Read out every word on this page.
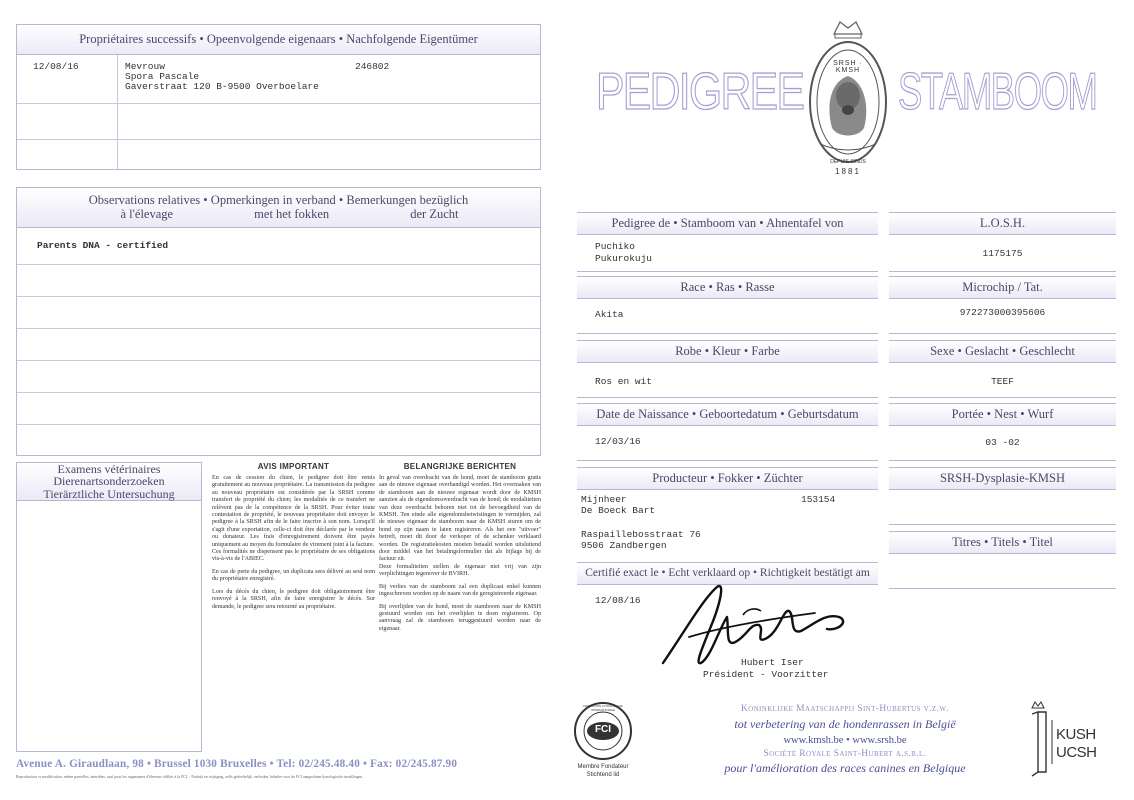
Propriétaires successifs • Opeenvolgende eigenaars • Nachfolgende Eigentümer
12/08/16	Mevrouw	246802
Spora Pascale
Gaverstraat 120 B-9500 Overboelare
Observations relatives • Opmerkingen in verband • Bemerkungen bezüglich
à l'élevage	met het fokken	der Zucht
Parents DNA - certified
Examens vétérinaires
Dierenartsonderzoeken
Tierärztliche Untersuchung
AVIS IMPORTANT
En cas de cession du chien, le pedigree doit être remis gratuitement au nouveau propriétaire. La transmission du pedigree au nouveau propriétaire est considérée par la SRSH comme transfert de propriété du chien; les modalités de ce transfert ne relèvent pas de la compétence de la SRSH. Pour éviter toute contestation de propriété, le nouveau propriétaire doit envoyer le pedigree à la SRSH afin de le faire inscrire à son nom. Lorsqu'il s'agit d'une exportation, celle-ci doit être déclarée par le vendeur ou donateur. Les frais d'enregistrement doivent être payés uniquement au moyen du formulaire de virement joint à la facture.
Ces formalités ne dispensent pas le propriétaire de ses obligations vis-à-vis de l'ABIEC.
En cas de perte du pedigree, un duplicata sera délivré au seul nom du propriétaire enregistré.
Lors du décès du chien, le pedigree doit obligatoirement être renvoyé à la SRSH, afin de faire enregistrer le décès. Sur demande, le pedigree sera retourné au propriétaire.
BELANGRIJKE BERICHTEN
In geval van overdracht van de hond, moet de stamboom gratis aan de nieuwe eigenaar overhandigd worden. Het overmaken van de stamboom aan de nieuwe eigenaar wordt door de KMSH aanzien als de eigendomsoverdracht van de hond; de modaliteiten van deze overdracht behoren niet tot de bevoegdheid van de KMSH. Ten einde alle eigendomsbetwistingen te vermijden, zal de nieuwe eigenaar de stamboom naar de KMSH sturen om de hond op zijn naam te laten registreren. Als het een "uitvoer" betreft, moet dit door de verkoper of de schenker verklaard worden. De registratiekosten moeten betaald worden uitsluitend door middel van het betalingsformulier dat als bijlage bij de factuur zit.
Deze formaliteiten stellen de eigenaar niet vrij van zijn verplichtingen tegenover de BVIRH.
Bij verlies van de stamboom zal een duplicaat enkel kunnen ingeschreven worden op de naam van de geregistreerde eigenaar.
Bij overlijden van de hond, moet de stamboom naar de KMSH gestuurd worden om het overlijden te doen registreren. Op aanvraag zal de stamboom teruggestuurd worden naar de eigenaar.
Avenue A. Giraudlaan, 98 • Brussel 1030 Bruxelles • Tel: 02/245.48.40 • Fax: 02/245.87.90
Reproduction et modification, même partielles, interdites, sauf pour les organismes d'éleveurs affiliés à la FCI. - Nadruk en wijziging, zelfs gedeeltelijk, verboden, behalve voor de FCI aangesloten kynologische instellingen.
PEDIGREE STAMBOOM
SRSH · KMSH
DEPUIS-SINDS
1881
Pedigree de • Stamboom van • Ahnentafel von
Puchiko
Pukurokuju
L.O.S.H.
1175175
Race • Ras • Rasse
Akita
Microchip / Tat.
972273000395606
Robe • Kleur • Farbe
Ros en wit
Sexe • Geslacht • Geschlecht
TEEF
Date de Naissance • Geboortedatum • Geburtsdatum
12/03/16
Portée • Nest • Wurf
03 -02
Producteur • Fokker • Züchter
Mijnheer	153154
De Boeck Bart
Raspaillebosstraat 76
9506 Zandbergen
SRSH-Dysplasie-KMSH
Titres • Titels • Titel
Certifié exact le • Echt verklaard op • Richtigkeit bestätigt am
12/08/16
Hubert Iser
Président - Voorzitter
FCI
FEDERATION CYNOLOGIQUE INTERNATIONALE
Membre Fondateur
Stichtend lid
Koninklijke Maatschappij Sint-Hubertus v.z.w.
tot verbetering van de hondenrassen in België
www.kmsh.be • www.srsh.be
Société Royale Saint-Hubert a.s.b.l.
pour l'amélioration des races canines en Belgique
KUSH
UCSH
